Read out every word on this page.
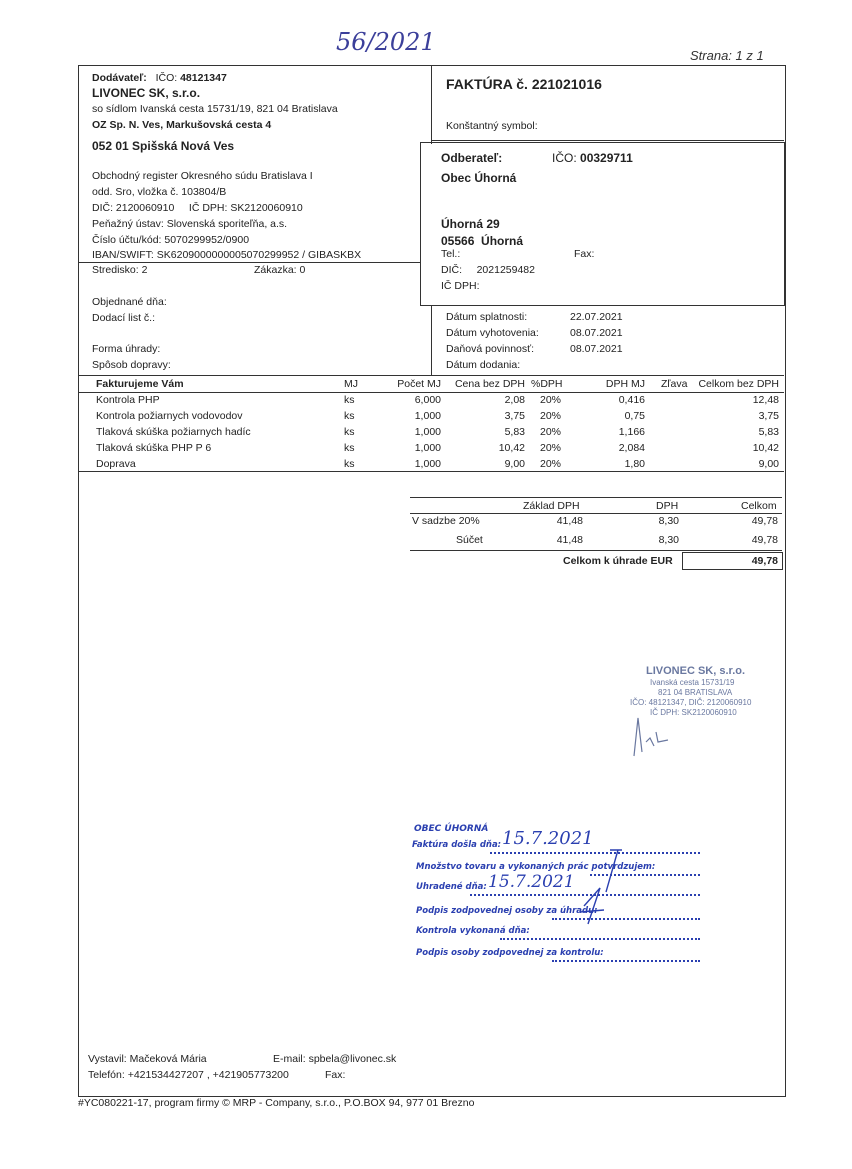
56/2021	Strana: 1 z 1
Dodávateľ: IČO: 48121347
LIVONEC SK, s.r.o.
so sídlom Ivanská cesta 15731/19, 821 04 Bratislava
OZ Sp. N. Ves, Markušovská cesta 4
052 01 Spišská Nová Ves
Obchodný register Okresného súdu Bratislava I
odd. Sro, vložka č. 103804/B
DIČ: 2120060910     IČ DPH: SK2120060910
Peňažný ústav: Slovenská sporiteľňa, a.s.
Číslo účtu/kód: 5070299952/0900
IBAN/SWIFT: SK6209000000005070299952 / GIBASKBX
Stredisko: 2	Zákazka: 0
FAKTÚRA č. 221021016
Konštantný symbol:
Odberateľ:	IČO: 00329711
Obec Úhorná
Úhorná 29
05566 Úhorná
Tel.:	Fax:
DIČ: 2021259482
IČ DPH:
Objednané dňa:
Dodací list č.:
Forma úhrady:
Spôsob dopravy:
Dátum splatnosti:	22.07.2021
Dátum vyhotovenia:	08.07.2021
Daňová povinnosť:	08.07.2021
Dátum dodania:
Fakturujeme Vám	MJ	Počet MJ	Cena bez DPH %DPH	DPH MJ Zľava	Celkom bez DPH
Kontrola PHP	ks	6,000	2,08 20%	0,416	12,48
Kontrola požiarnych vodovodov	ks	1,000	3,75 20%	0,75	3,75
Tlaková skúška požiarnych hadíc	ks	1,000	5,83 20%	1,166	5,83
Tlaková skúška PHP P 6	ks	1,000	10,42 20%	2,084	10,42
Doprava	ks	1,000	9,00 20%	1,80	9,00
Základ DPH	DPH	Celkom
V sadzbe 20%	41,48	8,30	49,78
Súčet	41,48	8,30	49,78
Celkom k úhrade EUR	49,78
LIVONEC SK, s.r.o.
Ivanská cesta 15731/19
821 04 BRATISLAVA
IČO: 48121347, DIČ: 2120060910
IČ DPH: SK2120060910
OBEC ÚHORNÁ
Faktúra došla dňa: 15.7.2021
Množstvo tovaru a vykonaných prác potvrdzujem:
Uhradené dňa: 15.7.2021
Podpis zodpovednej osoby za úhradu:
Kontrola vykonaná dňa:
Podpis osoby zodpovednej za kontrolu:
Vystavil: Mačeková Mária	E-mail: spbela@livonec.sk
Telefón: +421534427207 , +421905773200	Fax:
#YC080221-17, program firmy © MRP - Company, s.r.o., P.O.BOX 94, 977 01 Brezno
